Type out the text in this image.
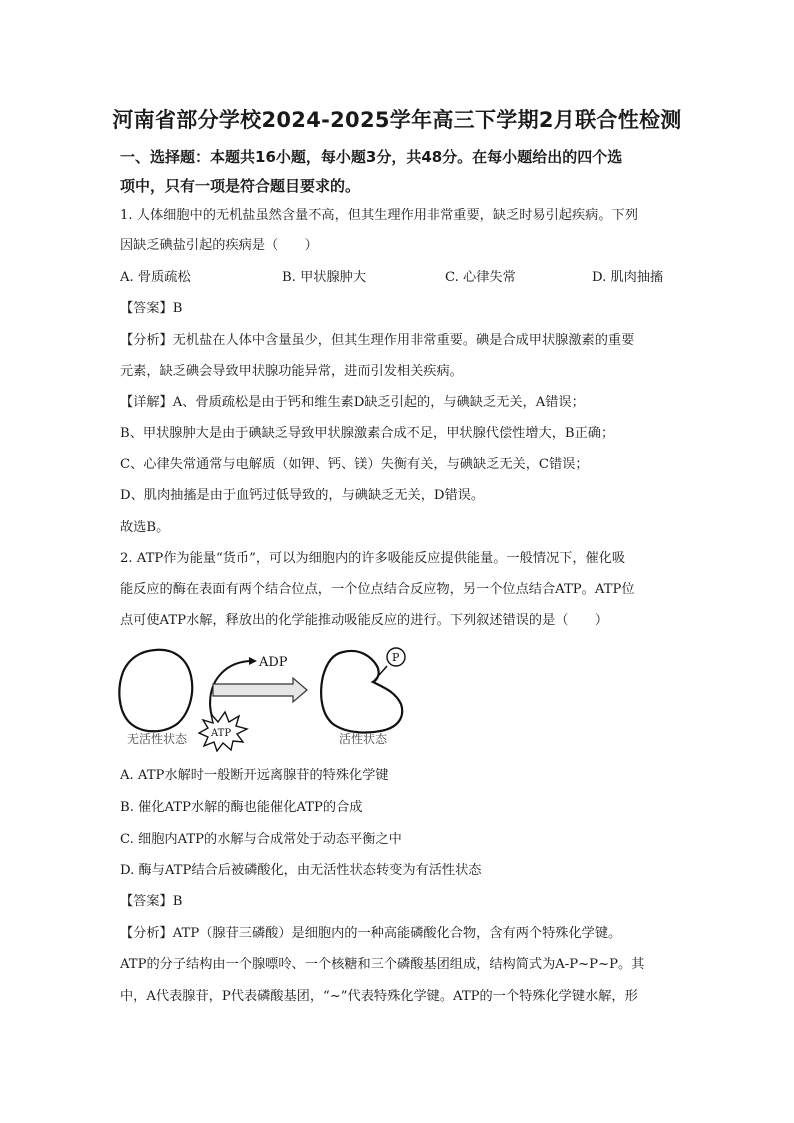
河南省部分学校2024-2025学年高三下学期2月联合性检测
一、选择题：本题共16小题，每小题3分，共48分。在每小题给出的四个选
项中，只有一项是符合题目要求的。
1. 人体细胞中的无机盐虽然含量不高，但其生理作用非常重要，缺乏时易引起疾病。下列
因缺乏碘盐引起的疾病是（　　）
A. 骨质疏松	B. 甲状腺肿大	C. 心律失常	D. 肌肉抽搐
【答案】B
【分析】无机盐在人体中含量虽少，但其生理作用非常重要。碘是合成甲状腺激素的重要
元素，缺乏碘会导致甲状腺功能异常，进而引发相关疾病。
【详解】A、骨质疏松是由于钙和维生素D缺乏引起的，与碘缺乏无关，A错误；
B、甲状腺肿大是由于碘缺乏导致甲状腺激素合成不足，甲状腺代偿性增大，B正确；
C、心律失常通常与电解质（如钾、钙、镁）失衡有关，与碘缺乏无关，C错误；
D、肌肉抽搐是由于血钙过低导致的，与碘缺乏无关，D错误。
故选B。
2. ATP作为能量“货币”，可以为细胞内的许多吸能反应提供能量。一般情况下，催化吸
能反应的酶在表面有两个结合位点，一个位点结合反应物，另一个位点结合ATP。ATP位
点可使ATP水解，释放出的化学能推动吸能反应的进行。下列叙述错误的是（　　）
ADP
ATP
P
无活性状态	活性状态
A. ATP水解时一般断开远离腺苷的特殊化学键
B. 催化ATP水解的酶也能催化ATP的合成
C. 细胞内ATP的水解与合成常处于动态平衡之中
D. 酶与ATP结合后被磷酸化，由无活性状态转变为有活性状态
【答案】B
【分析】ATP（腺苷三磷酸）是细胞内的一种高能磷酸化合物，含有两个特殊化学键。
ATP的分子结构由一个腺嘌呤、一个核糖和三个磷酸基团组成，结构简式为A-P~P~P。其
中，A代表腺苷，P代表磷酸基团，“~”代表特殊化学键。ATP的一个特殊化学键水解，形
